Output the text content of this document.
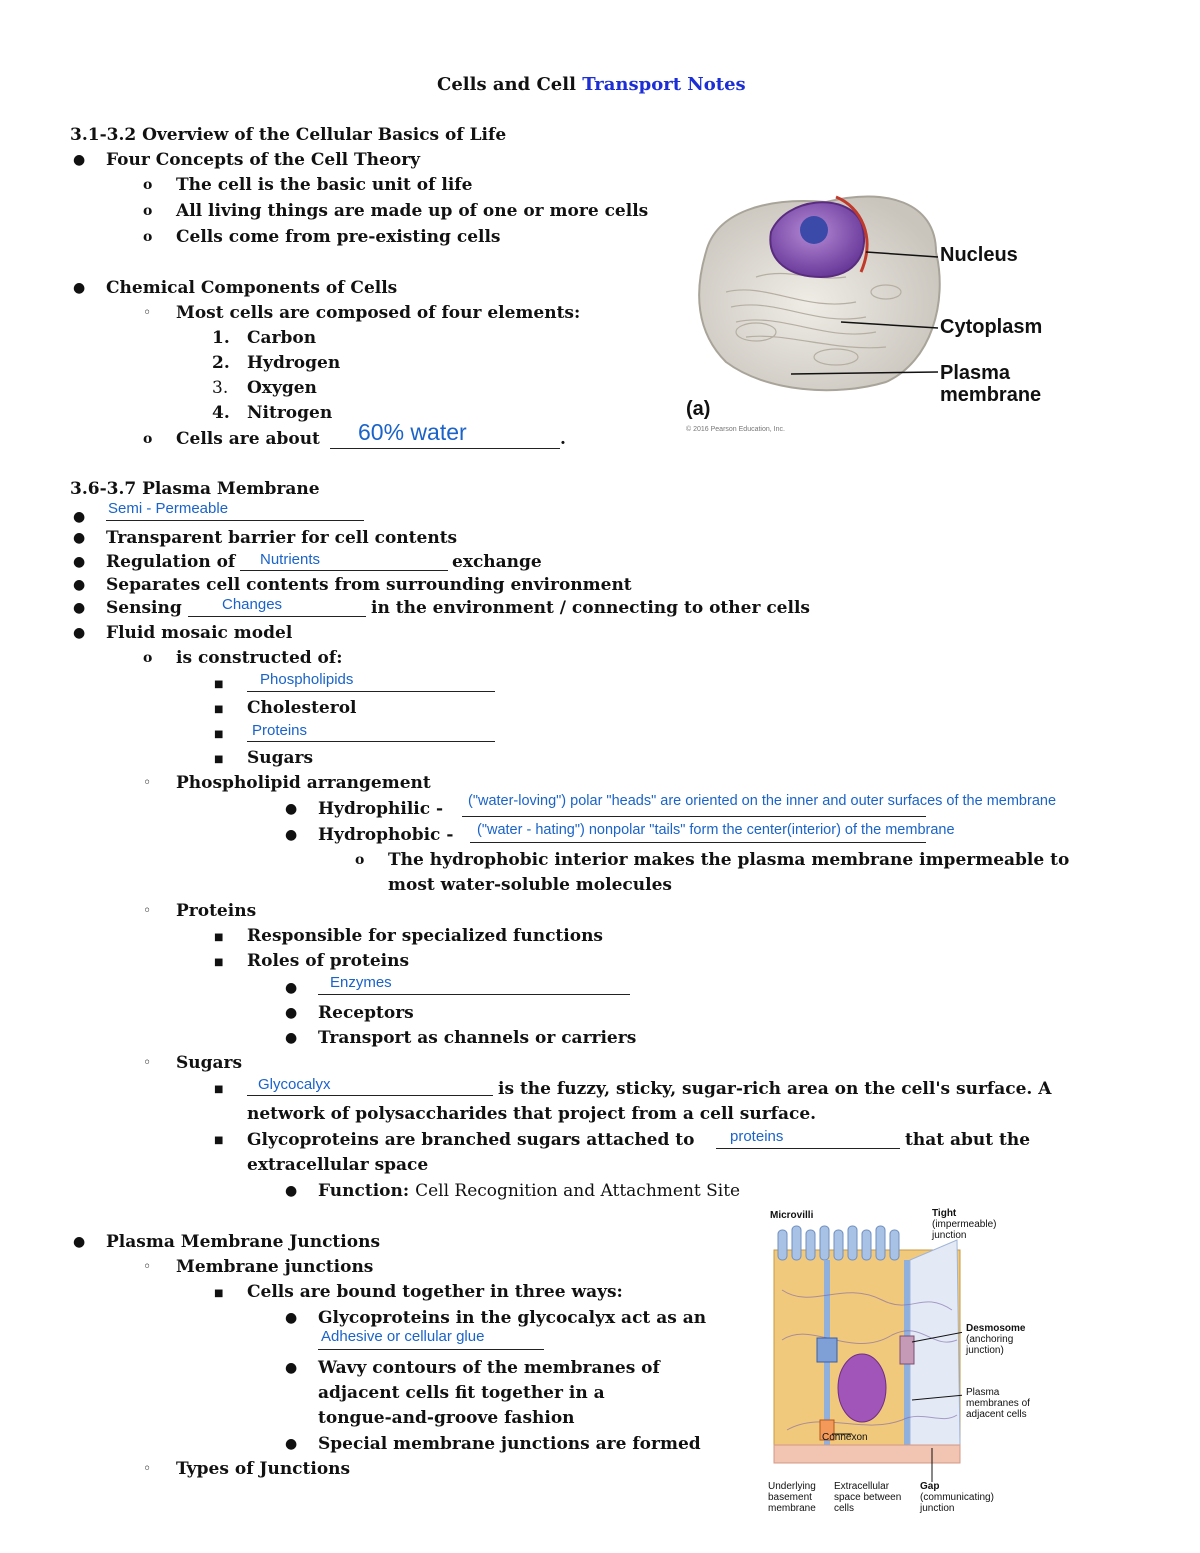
Cells and Cell Transport Notes
3.1-3.2 Overview of the Cellular Basics of Life
● Four Concepts of the Cell Theory
o The cell is the basic unit of life
o All living things are made up of one or more cells
o Cells come from pre-existing cells
● Chemical Components of Cells
◦ Most cells are composed of four elements:
1. Carbon
2. Hydrogen
3. Oxygen
4. Nitrogen
o Cells are about 60% water	.
Nucleus
Cytoplasm
Plasma
membrane
(a)
© 2016 Pearson Education, Inc.
3.6-3.7 Plasma Membrane
● Semi - Permeable
● Transparent barrier for cell contents
● Regulation of Nutrients	exchange
● Separates cell contents from surrounding environment
● Sensing	Changes	in the environment / connecting to other cells
● Fluid mosaic model
o is constructed of:
■ Phospholipids
■ Cholesterol
■ Proteins
■ Sugars
◦ Phospholipid arrangement
● Hydrophilic - ("water-loving") polar "heads" are oriented on the inner and outer surfaces of the membrane
● Hydrophobic - ("water - hating") nonpolar "tails" form the center(interior) of the membrane
o The hydrophobic interior makes the plasma membrane impermeable to
most water-soluble molecules
◦ Proteins
■ Responsible for specialized functions
■ Roles of proteins
● Enzymes
● Receptors
● Transport as channels or carriers
◦ Sugars
■ Glycocalyx	is the fuzzy, sticky, sugar-rich area on the cell's surface. A
network of polysaccharides that project from a cell surface.
■ Glycoproteins are branched sugars attached to proteins	that abut the
extracellular space
● Function: Cell Recognition and Attachment Site
● Plasma Membrane Junctions
◦ Membrane junctions
■ Cells are bound together in three ways:
● Glycoproteins in the glycocalyx act as an
Adhesive or cellular glue
● Wavy contours of the membranes of
adjacent cells fit together in a
tongue-and-groove fashion
● Special membrane junctions are formed
◦ Types of Junctions
Microvilli	Tight
(impermeable)
junction
Desmosome
(anchoring
junction)
Plasma
membranes of
adjacent cells
Connexon
Underlying
basement
membrane
Extracellular
space between
cells
Gap
(communicating)
junction
